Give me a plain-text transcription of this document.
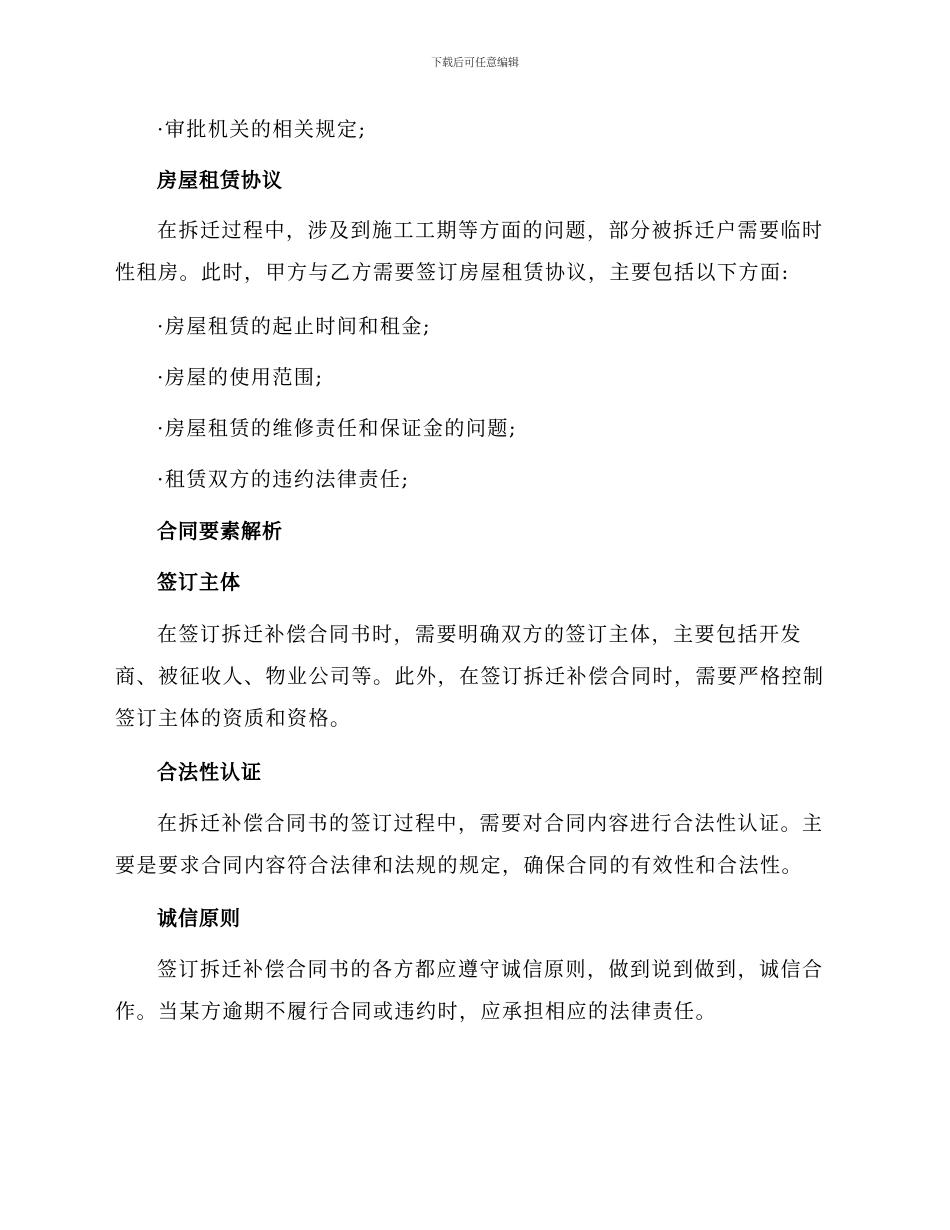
下载后可任意编辑
·审批机关的相关规定;
房屋租赁协议
在拆迁过程中，涉及到施工工期等方面的问题，部分被拆迁户需要临时性租房。此时，甲方与乙方需要签订房屋租赁协议，主要包括以下方面:
·房屋租赁的起止时间和租金;
·房屋的使用范围;
·房屋租赁的维修责任和保证金的问题;
·租赁双方的违约法律责任;
合同要素解析
签订主体
在签订拆迁补偿合同书时，需要明确双方的签订主体，主要包括开发商、被征收人、物业公司等。此外，在签订拆迁补偿合同时，需要严格控制签订主体的资质和资格。
合法性认证
在拆迁补偿合同书的签订过程中，需要对合同内容进行合法性认证。主要是要求合同内容符合法律和法规的规定，确保合同的有效性和合法性。
诚信原则
签订拆迁补偿合同书的各方都应遵守诚信原则，做到说到做到，诚信合作。当某方逾期不履行合同或违约时，应承担相应的法律责任。
